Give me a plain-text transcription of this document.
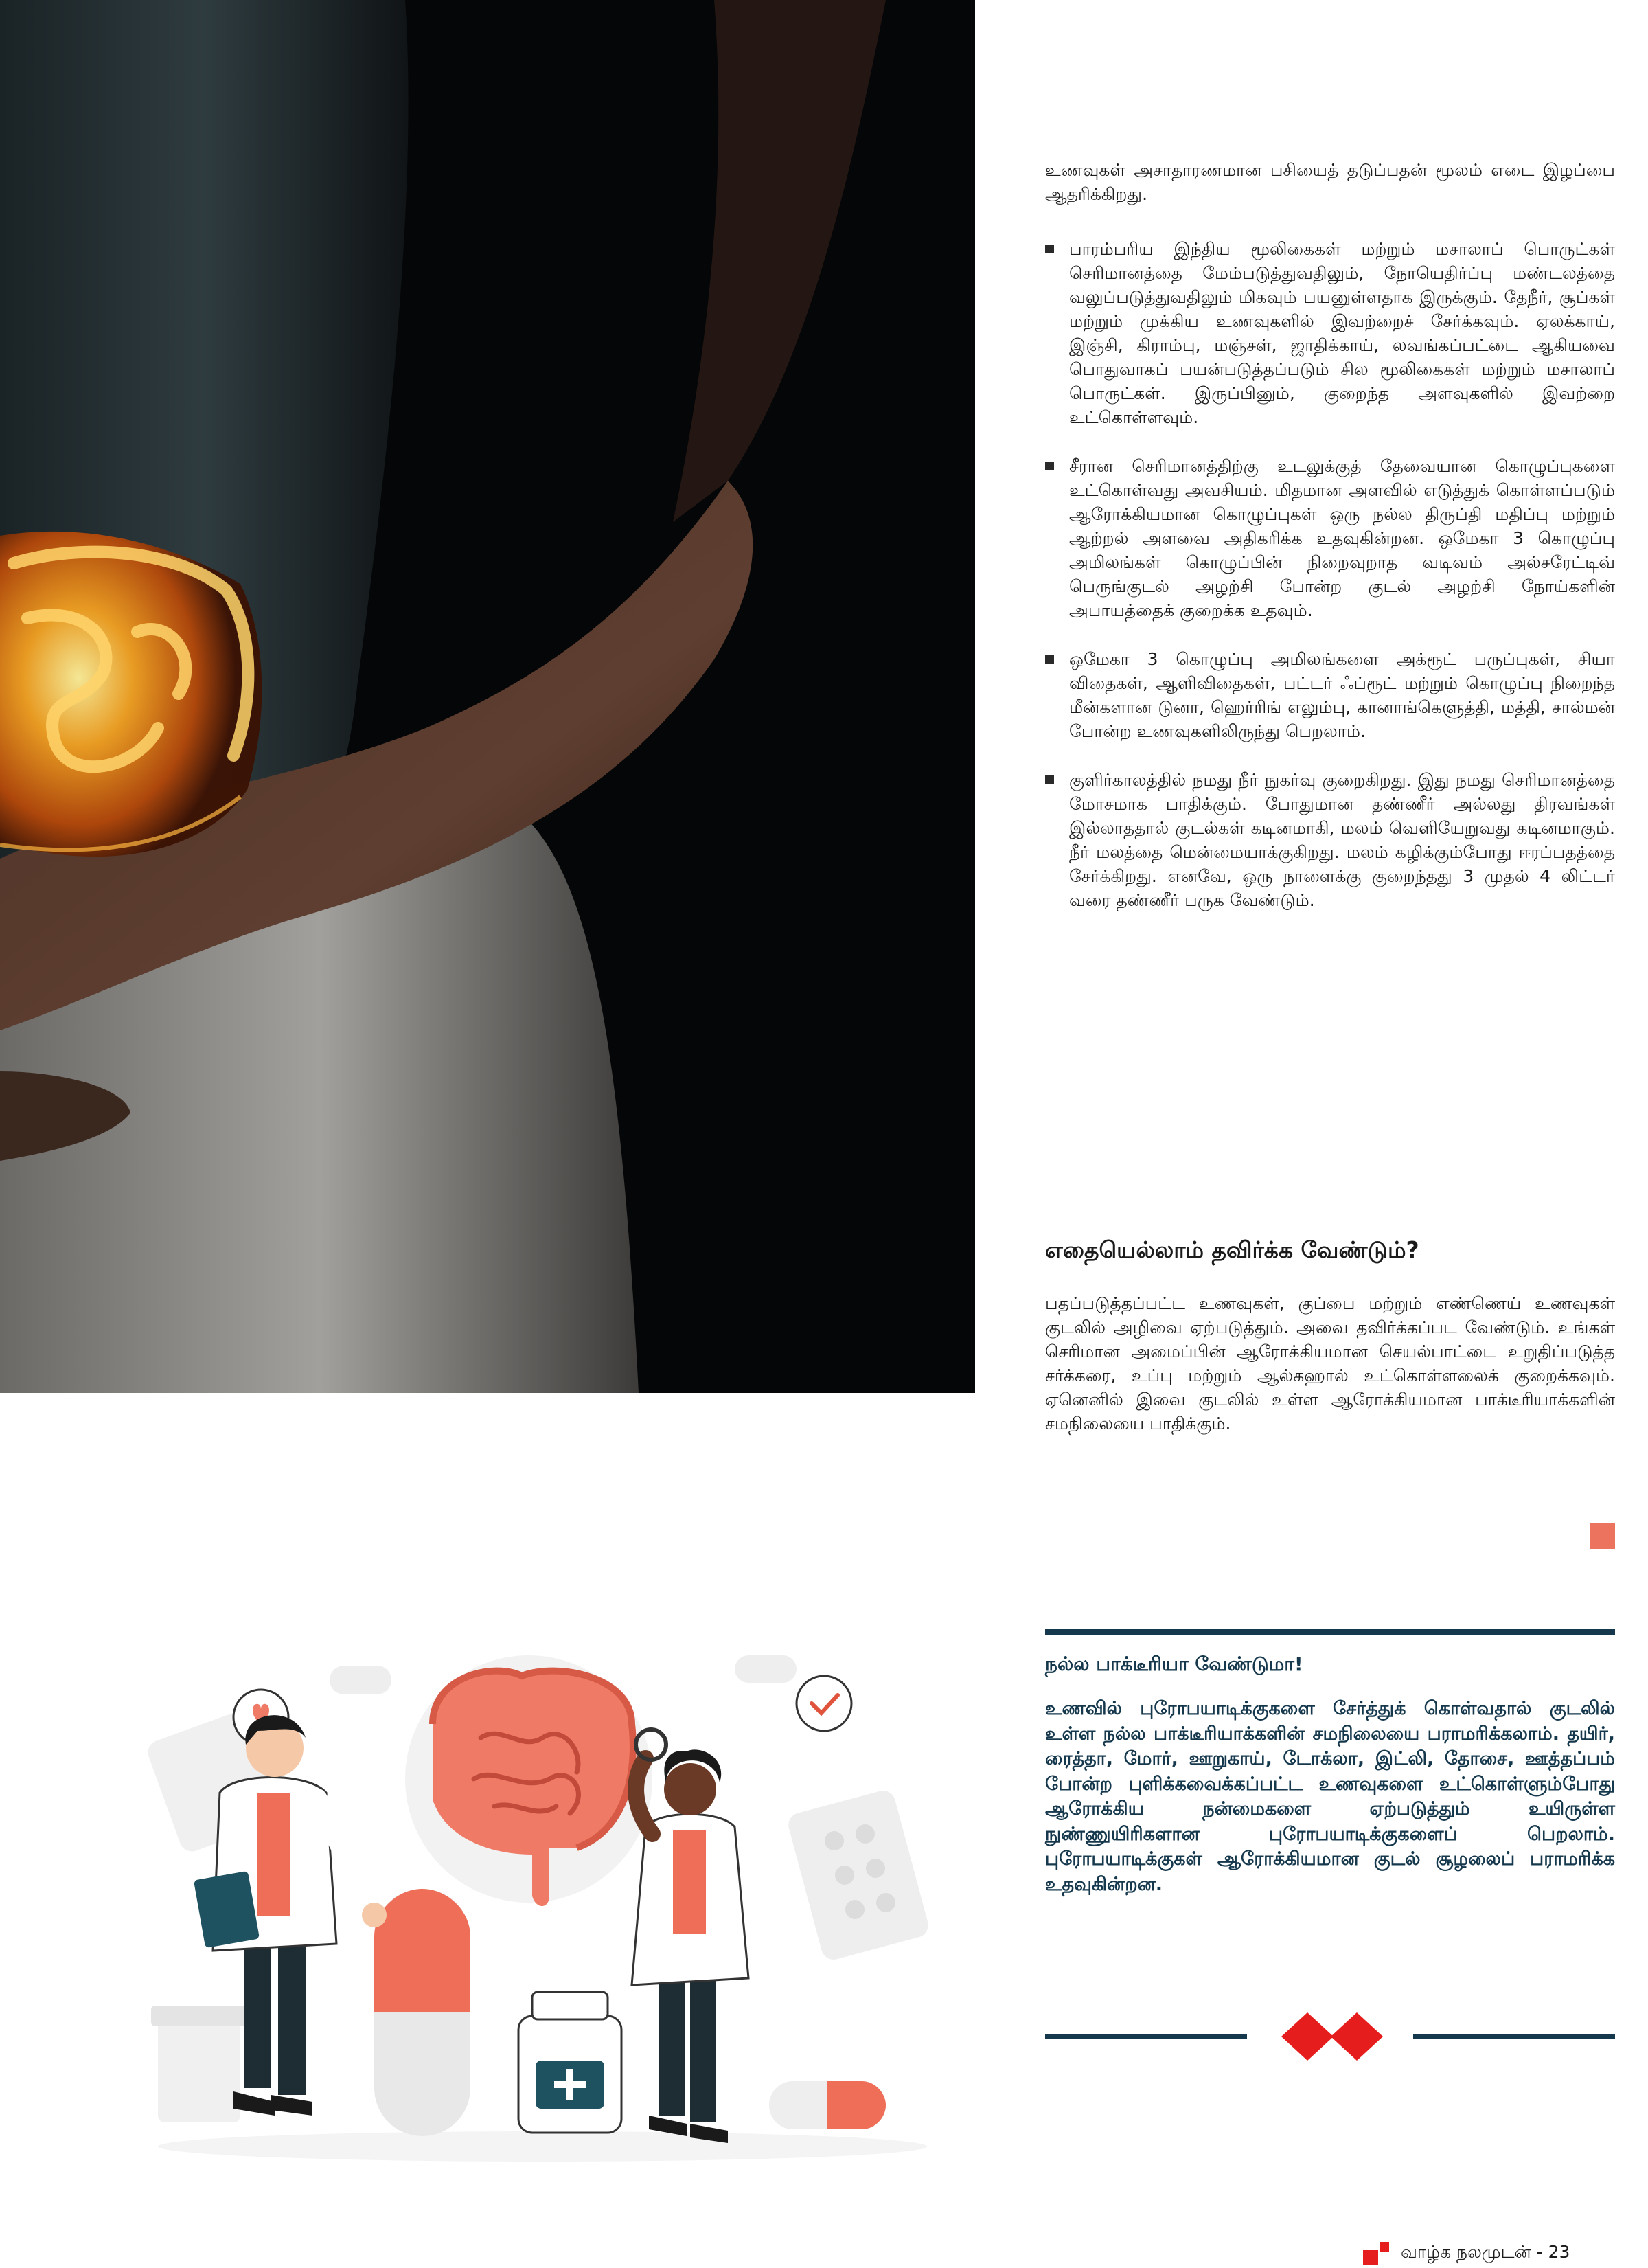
உணவுகள் அசாதாரணமான பசியைத் தடுப்பதன் மூலம் எடை இழப்பை ஆதரிக்கிறது.
பாரம்பரிய இந்திய மூலிகைகள் மற்றும் மசாலாப் பொருட்கள் செரிமானத்தை மேம்படுத்துவதிலும், நோயெதிர்ப்பு மண்டலத்தை வலுப்படுத்துவதிலும் மிகவும் பயனுள்ளதாக இருக்கும். தேநீர், சூப்கள் மற்றும் முக்கிய உணவுகளில் இவற்றைச் சேர்க்கவும். ஏலக்காய், இஞ்சி, கிராம்பு, மஞ்சள், ஜாதிக்காய், லவங்கப்பட்டை ஆகியவை பொதுவாகப் பயன்படுத்தப்படும் சில மூலிகைகள் மற்றும் மசாலாப் பொருட்கள். இருப்பினும், குறைந்த அளவுகளில் இவற்றை உட்கொள்ளவும்.
சீரான செரிமானத்திற்கு உடலுக்குத் தேவையான கொழுப்புகளை உட்கொள்வது அவசியம். மிதமான அளவில் எடுத்துக் கொள்ளப்படும் ஆரோக்கியமான கொழுப்புகள் ஒரு நல்ல திருப்தி மதிப்பு மற்றும் ஆற்றல் அளவை அதிகரிக்க உதவுகின்றன. ஒமேகா 3 கொழுப்பு அமிலங்கள் கொழுப்பின் நிறைவுறாத வடிவம் அல்சரேட்டிவ் பெருங்குடல் அழற்சி போன்ற குடல் அழற்சி நோய்களின் அபாயத்தைக் குறைக்க உதவும்.
ஒமேகா 3 கொழுப்பு அமிலங்களை அக்ரூட் பருப்புகள், சியா விதைகள், ஆளிவிதைகள், பட்டர் ஃப்ரூட் மற்றும் கொழுப்பு நிறைந்த மீன்களான டுனா, ஹெர்ரிங் எலும்பு, கானாங்கெளுத்தி, மத்தி, சால்மன் போன்ற உணவுகளிலிருந்து பெறலாம்.
குளிர்காலத்தில் நமது நீர் நுகர்வு குறைகிறது. இது நமது செரிமானத்தை மோசமாக பாதிக்கும். போதுமான தண்ணீர் அல்லது திரவங்கள் இல்லாததால் குடல்கள் கடினமாகி, மலம் வெளியேறுவது கடினமாகும். நீர் மலத்தை மென்மையாக்குகிறது. மலம் கழிக்கும்போது ஈரப்பதத்தை சேர்க்கிறது. எனவே, ஒரு நாளைக்கு குறைந்தது 3 முதல் 4 லிட்டர் வரை தண்ணீர் பருக வேண்டும்.
எதையெல்லாம் தவிர்க்க வேண்டும்?
பதப்படுத்தப்பட்ட உணவுகள், குப்பை மற்றும் எண்ணெய் உணவுகள் குடலில் அழிவை ஏற்படுத்தும். அவை தவிர்க்கப்பட வேண்டும். உங்கள் செரிமான அமைப்பின் ஆரோக்கியமான செயல்பாட்டை உறுதிப்படுத்த சர்க்கரை, உப்பு மற்றும் ஆல்கஹால் உட்கொள்ளலைக் குறைக்கவும். ஏனெனில் இவை குடலில் உள்ள ஆரோக்கியமான பாக்டீரியாக்களின் சமநிலையை பாதிக்கும்.
நல்ல பாக்டீரியா வேண்டுமா!
உணவில் புரோபயாடிக்குகளை சேர்த்துக் கொள்வதால் குடலில் உள்ள நல்ல பாக்டீரியாக்களின் சமநிலையை பராமரிக்கலாம். தயிர், ரைத்தா, மோர், ஊறுகாய், டோக்லா, இட்லி, தோசை, ஊத்தப்பம் போன்ற புளிக்கவைக்கப்பட்ட உணவுகளை உட்கொள்ளும்போது ஆரோக்கிய நன்மைகளை ஏற்படுத்தும் உயிருள்ள நுண்ணுயிரிகளான புரோபயாடிக்குகளைப் பெறலாம். புரோபயாடிக்குகள் ஆரோக்கியமான குடல் சூழலைப் பராமரிக்க உதவுகின்றன.
வாழ்க நலமுடன் - 23
